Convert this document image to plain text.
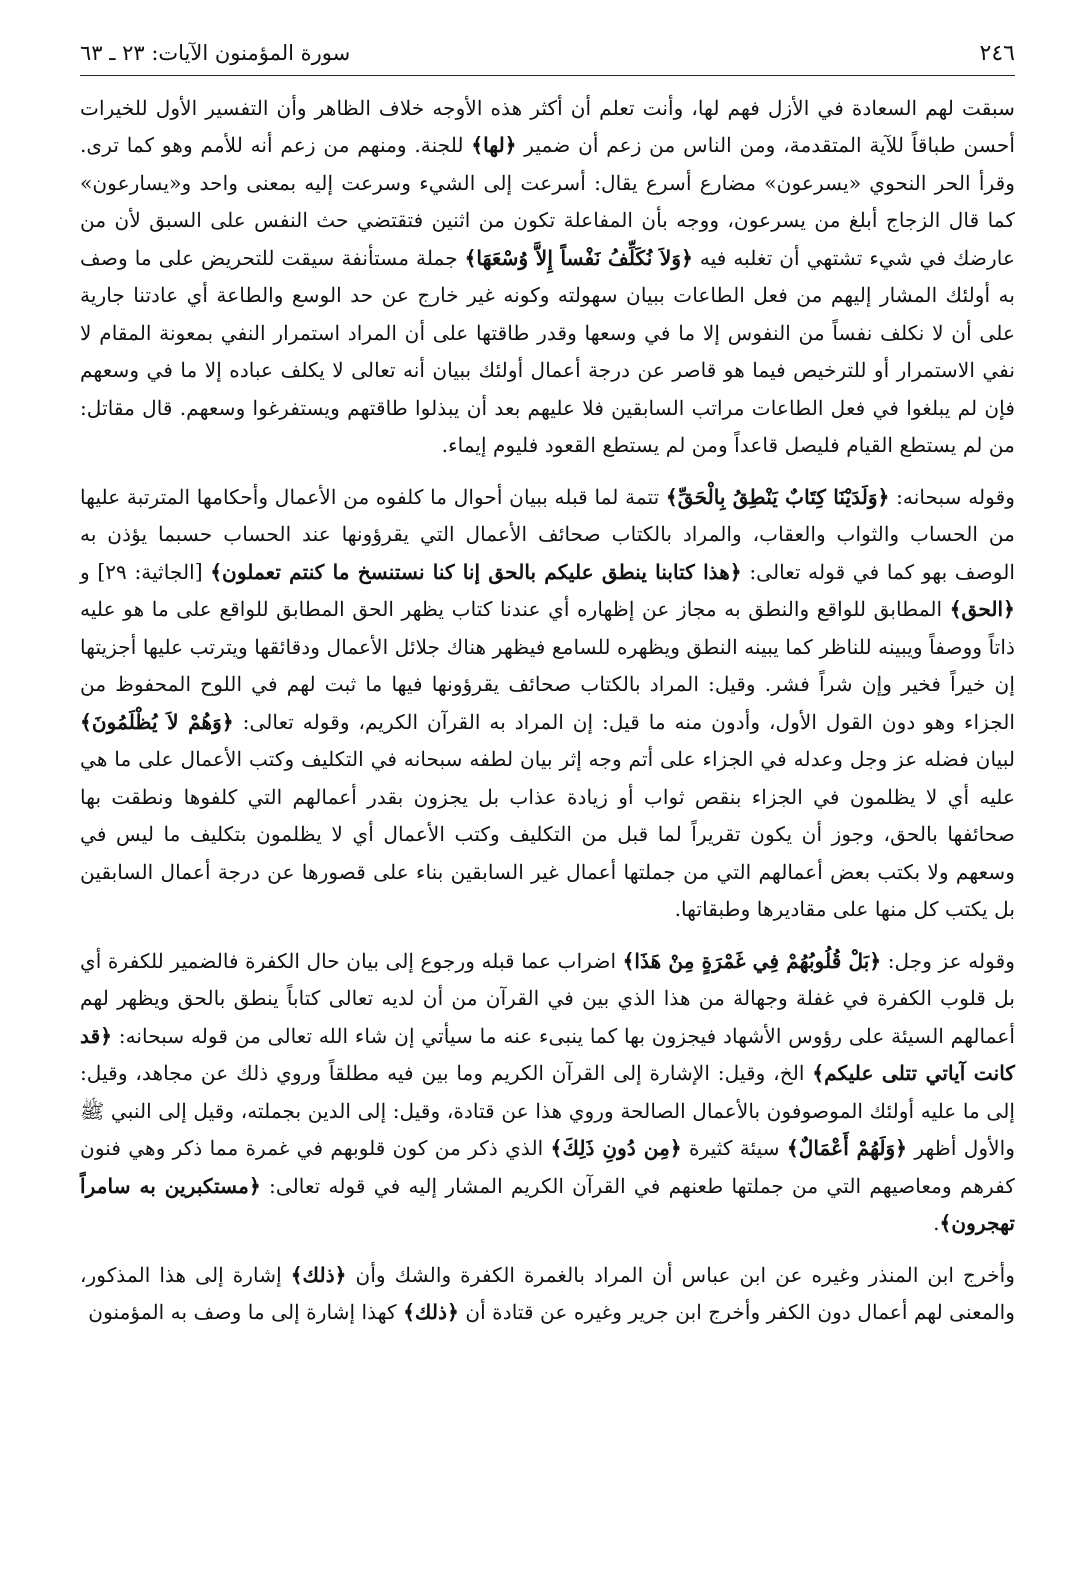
٢٤٦
سورة المؤمنون الآيات: ٢٣ ـ ٦٣

سبقت لهم السعادة في الأزل فهم لها، وأنت تعلم أن أكثر هذه الأوجه خلاف الظاهر وأن التفسير الأول للخيرات أحسن طباقاً للآية المتقدمة، ومن الناس من زعم أن ضمير ﴿لها﴾ للجنة. ومنهم من زعم أنه للأمم وهو كما ترى. وقرأ الحر النحوي «يسرعون» مضارع أسرع يقال: أسرعت إلى الشيء وسرعت إليه بمعنى واحد و«يسارعون» كما قال الزجاج أبلغ من يسرعون، ووجه بأن المفاعلة تكون من اثنين فتقتضي حث النفس على السبق لأن من عارضك في شيء تشتهي أن تغلبه فيه ﴿وَلاَ نُكَلِّفُ نَفْساً إِلاَّ وُسْعَهَا﴾ جملة مستأنفة سيقت للتحريض على ما وصف به أولئك المشار إليهم من فعل الطاعات ببيان سهولته وكونه غير خارج عن حد الوسع والطاعة أي عادتنا جارية على أن لا نكلف نفساً من النفوس إلا ما في وسعها وقدر طاقتها على أن المراد استمرار النفي بمعونة المقام لا نفي الاستمرار أو للترخيص فيما هو قاصر عن درجة أعمال أولئك ببيان أنه تعالى لا يكلف عباده إلا ما في وسعهم فإن لم يبلغوا في فعل الطاعات مراتب السابقين فلا عليهم بعد أن يبذلوا طاقتهم ويستفرغوا وسعهم. قال مقاتل: من لم يستطع القيام فليصل قاعداً ومن لم يستطع القعود فليوم إيماء.

وقوله سبحانه: ﴿وَلَدَيْنَا كِتَابٌ يَنْطِقُ بِالْحَقِّ﴾ تتمة لما قبله ببيان أحوال ما كلفوه من الأعمال وأحكامها المترتبة عليها من الحساب والثواب والعقاب، والمراد بالكتاب صحائف الأعمال التي يقرؤونها عند الحساب حسبما يؤذن به الوصف بهو كما في قوله تعالى: ﴿هذا كتابنا ينطق عليكم بالحق إنا كنا نستنسخ ما كنتم تعملون﴾ [الجاثية: ٢٩] و ﴿الحق﴾ المطابق للواقع والنطق به مجاز عن إظهاره أي عندنا كتاب يظهر الحق المطابق للواقع على ما هو عليه ذاتاً ووصفاً ويبينه للناظر كما يبينه النطق ويظهره للسامع فيظهر هناك جلائل الأعمال ودقائقها ويترتب عليها أجزيتها إن خيراً فخير وإن شراً فشر. وقيل: المراد بالكتاب صحائف يقرؤونها فيها ما ثبت لهم في اللوح المحفوظ من الجزاء وهو دون القول الأول، وأدون منه ما قيل: إن المراد به القرآن الكريم، وقوله تعالى: ﴿وَهُمْ لاَ يُظْلَمُونَ﴾ لبيان فضله عز وجل وعدله في الجزاء على أتم وجه إثر بيان لطفه سبحانه في التكليف وكتب الأعمال على ما هي عليه أي لا يظلمون في الجزاء بنقص ثواب أو زيادة عذاب بل يجزون بقدر أعمالهم التي كلفوها ونطقت بها صحائفها بالحق، وجوز أن يكون تقريراً لما قبل من التكليف وكتب الأعمال أي لا يظلمون بتكليف ما ليس في وسعهم ولا بكتب بعض أعمالهم التي من جملتها أعمال غير السابقين بناء على قصورها عن درجة أعمال السابقين بل يكتب كل منها على مقاديرها وطبقاتها.

وقوله عز وجل: ﴿بَلْ قُلُوبُهُمْ فِي غَمْرَةٍ مِنْ هَذَا﴾ اضراب عما قبله ورجوع إلى بيان حال الكفرة فالضمير للكفرة أي بل قلوب الكفرة في غفلة وجهالة من هذا الذي بين في القرآن من أن لديه تعالى كتاباً ينطق بالحق ويظهر لهم أعمالهم السيئة على رؤوس الأشهاد فيجزون بها كما ينبىء عنه ما سيأتي إن شاء الله تعالى من قوله سبحانه: ﴿قد كانت آياتي تتلى عليكم﴾ الخ، وقيل: الإشارة إلى القرآن الكريم وما بين فيه مطلقاً وروي ذلك عن مجاهد، وقيل: إلى ما عليه أولئك الموصوفون بالأعمال الصالحة وروي هذا عن قتادة، وقيل: إلى الدين بجملته، وقيل إلى النبي ﷺ والأول أظهر ﴿وَلَهُمْ أَعْمَالٌ﴾ سيئة كثيرة ﴿مِن دُونِ ذَلِكَ﴾ الذي ذكر من كون قلوبهم في غمرة مما ذكر وهي فنون كفرهم ومعاصيهم التي من جملتها طعنهم في القرآن الكريم المشار إليه في قوله تعالى: ﴿مستكبرين به سامراً تهجرون﴾.

وأخرج ابن المنذر وغيره عن ابن عباس أن المراد بالغمرة الكفرة والشك وأن ﴿ذلك﴾ إشارة إلى هذا المذكور، والمعنى لهم أعمال دون الكفر وأخرج ابن جرير وغيره عن قتادة أن ﴿ذلك﴾ كهذا إشارة إلى ما وصف به المؤمنون
